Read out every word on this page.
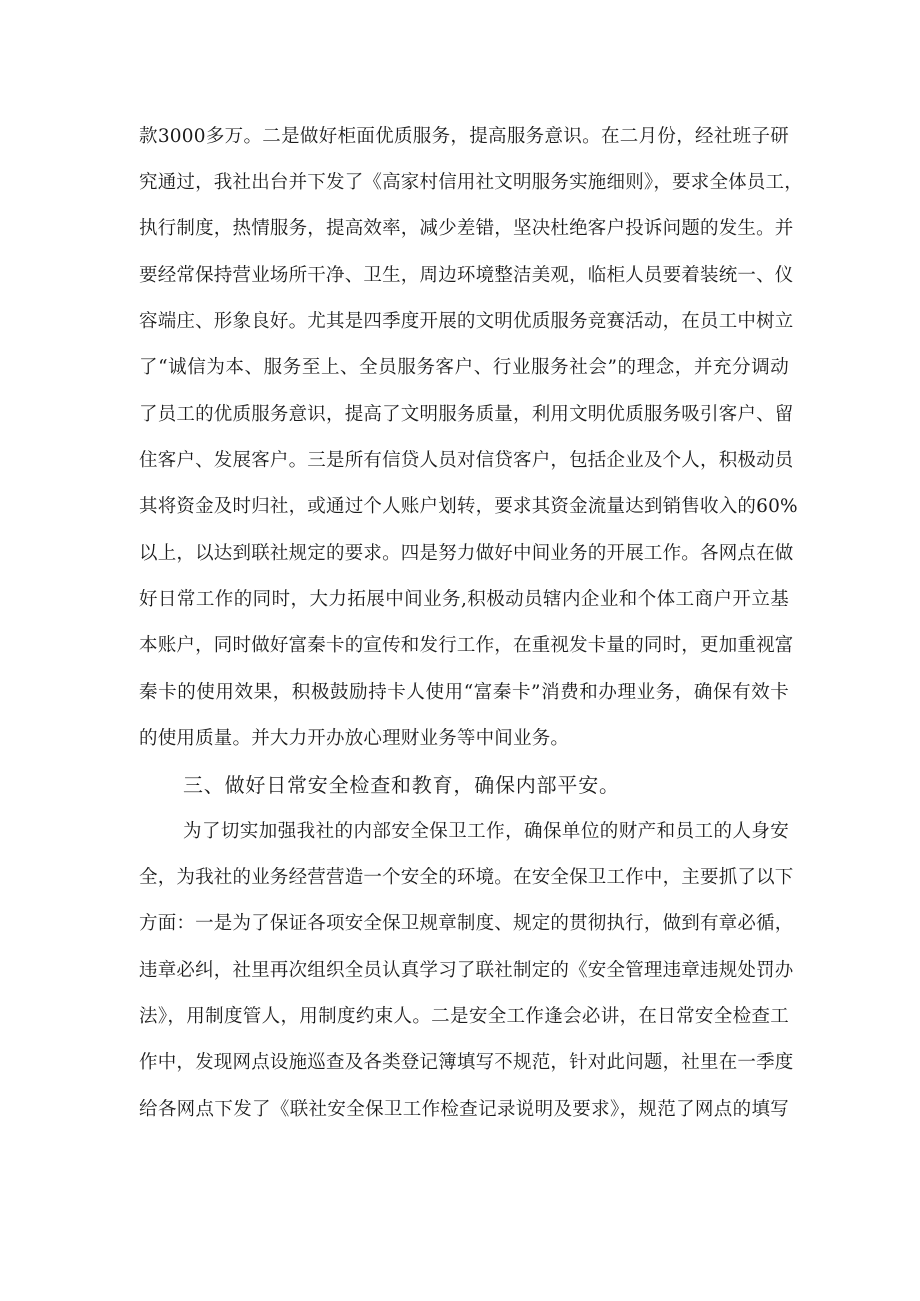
款3000多万。二是做好柜面优质服务，提高服务意识。在二月份，经社班子研
究通过，我社出台并下发了《高家村信用社文明服务实施细则》，要求全体员工，
执行制度，热情服务，提高效率，减少差错，坚决杜绝客户投诉问题的发生。并
要经常保持营业场所干净、卫生，周边环境整洁美观，临柜人员要着装统一、仪
容端庄、形象良好。尤其是四季度开展的文明优质服务竞赛活动，在员工中树立
了“诚信为本、服务至上、全员服务客户、行业服务社会”的理念，并充分调动
了员工的优质服务意识，提高了文明服务质量，利用文明优质服务吸引客户、留
住客户、发展客户。三是所有信贷人员对信贷客户，包括企业及个人，积极动员
其将资金及时归社，或通过个人账户划转，要求其资金流量达到销售收入的60%
以上，以达到联社规定的要求。四是努力做好中间业务的开展工作。各网点在做
好日常工作的同时，大力拓展中间业务,积极动员辖内企业和个体工商户开立基
本账户，同时做好富秦卡的宣传和发行工作，在重视发卡量的同时，更加重视富
秦卡的使用效果，积极鼓励持卡人使用“富秦卡”消费和办理业务，确保有效卡
的使用质量。并大力开办放心理财业务等中间业务。
三、做好日常安全检查和教育，确保内部平安。
为了切实加强我社的内部安全保卫工作，确保单位的财产和员工的人身安
全，为我社的业务经营营造一个安全的环境。在安全保卫工作中，主要抓了以下
方面：一是为了保证各项安全保卫规章制度、规定的贯彻执行，做到有章必循，
违章必纠，社里再次组织全员认真学习了联社制定的《安全管理违章违规处罚办
法》，用制度管人，用制度约束人。二是安全工作逢会必讲，在日常安全检查工
作中，发现网点设施巡查及各类登记簿填写不规范，针对此问题，社里在一季度
给各网点下发了《联社安全保卫工作检查记录说明及要求》，规范了网点的填写
